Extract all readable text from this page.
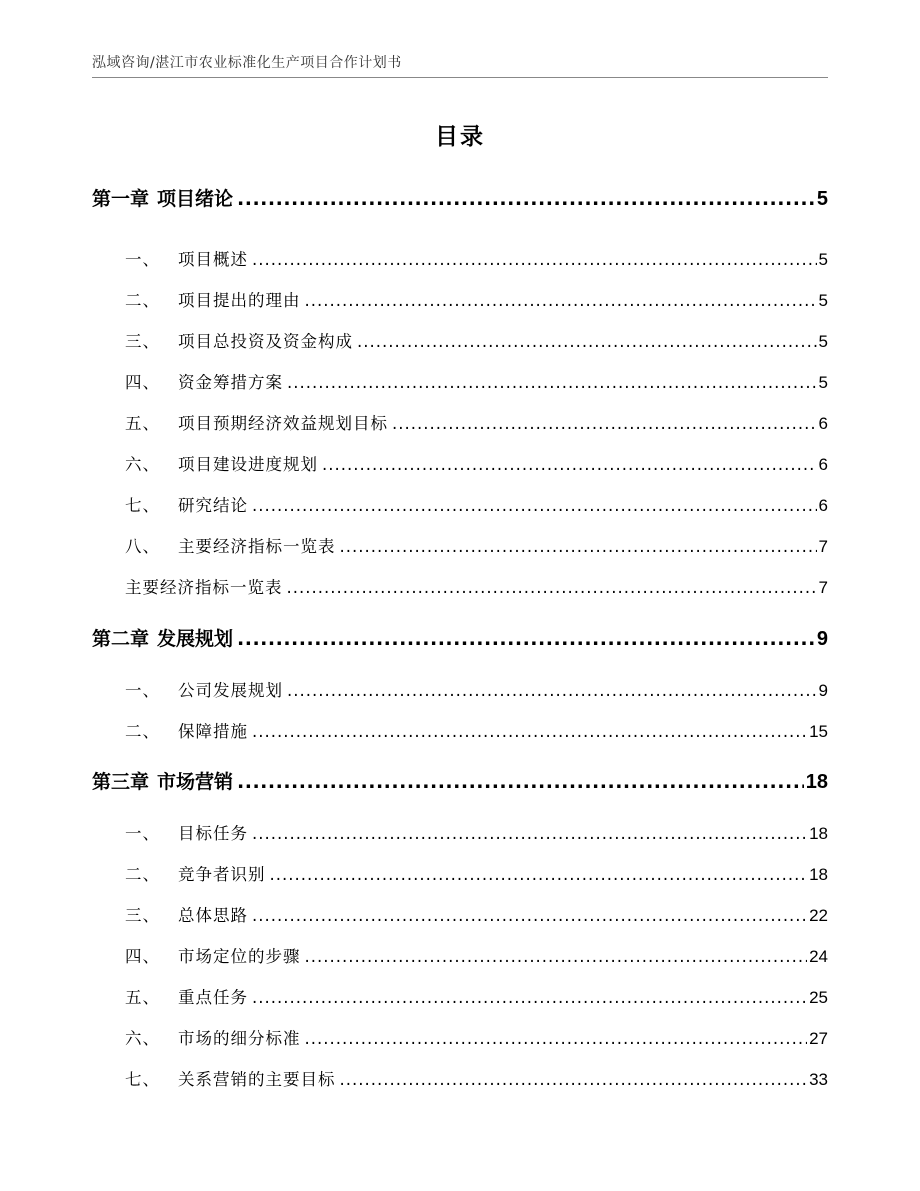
泓域咨询/湛江市农业标准化生产项目合作计划书
目录
第一章 项目绪论 .....	5
一、 项目概述 .....	5
二、 项目提出的理由 .....	5
三、 项目总投资及资金构成 .....	5
四、 资金筹措方案 .....	5
五、 项目预期经济效益规划目标 .....	6
六、 项目建设进度规划 .....	6
七、 研究结论 .....	6
八、 主要经济指标一览表 .....	7
主要经济指标一览表 .....	7
第二章 发展规划 .....	9
一、 公司发展规划 .....	9
二、 保障措施 .....	15
第三章 市场营销 .....	18
一、 目标任务 .....	18
二、 竞争者识别 .....	18
三、 总体思路 .....	22
四、 市场定位的步骤 .....	24
五、 重点任务 .....	25
六、 市场的细分标准 .....	27
七、 关系营销的主要目标 .....	33
